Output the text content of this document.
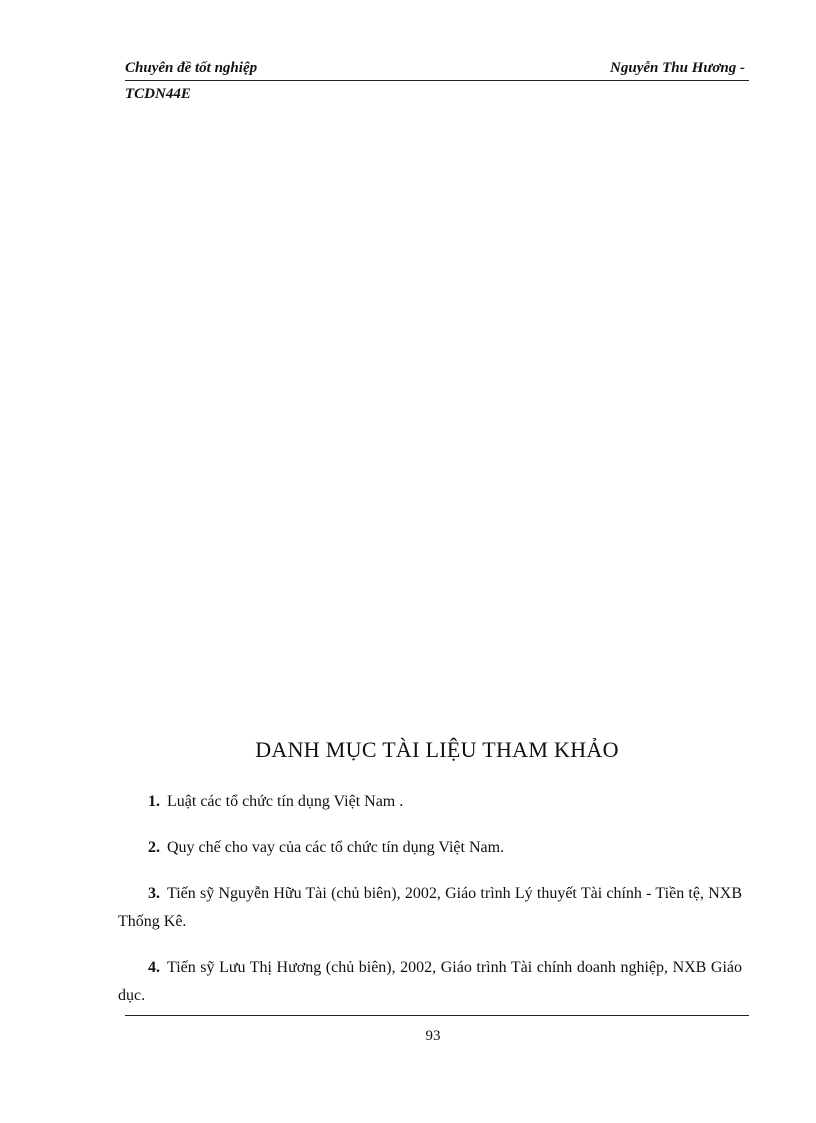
Chuyên đề tốt nghiệp	Nguyễn Thu Hương -
TCDN44E
DANH MỤC TÀI LIỆU THAM KHẢO
1. Luật các tổ chức tín dụng Việt Nam .
2. Quy chế cho vay của các tổ chức tín dụng Việt Nam.
3. Tiến sỹ Nguyễn Hữu Tài (chủ biên), 2002, Giáo trình Lý thuyết Tài chính - Tiền tệ, NXB Thống Kê.
4. Tiến sỹ Lưu Thị Hương (chủ biên), 2002, Giáo trình Tài chính doanh nghiệp, NXB Giáo dục.
93
